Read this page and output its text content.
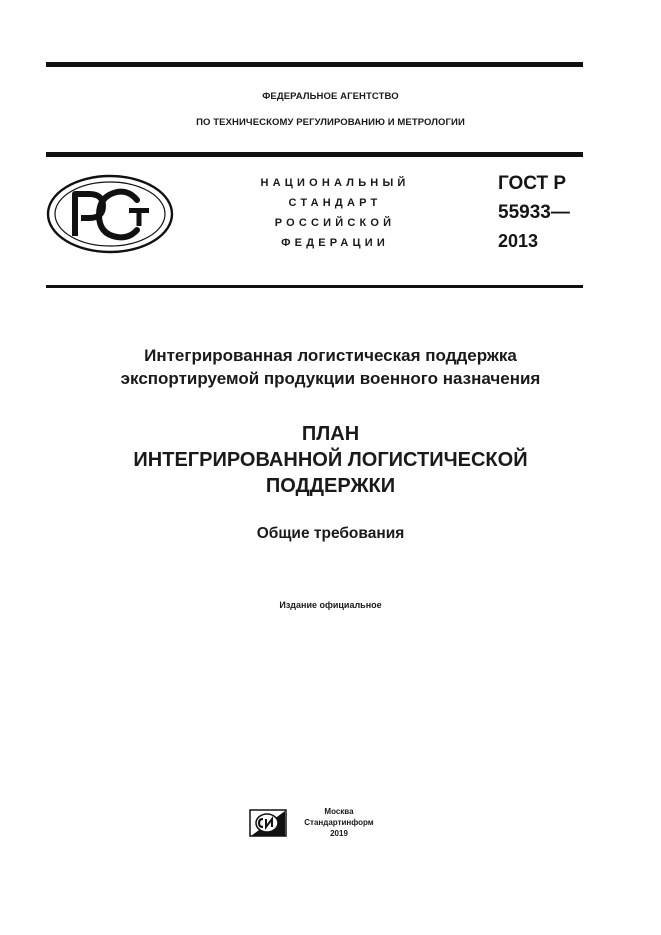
ФЕДЕРАЛЬНОЕ АГЕНТСТВО
ПО ТЕХНИЧЕСКОМУ РЕГУЛИРОВАНИЮ И МЕТРОЛОГИИ
НАЦИОНАЛЬНЫЙ
СТАНДАРТ
РОССИЙСКОЙ
ФЕДЕРАЦИИ
ГОСТ Р
55933—
2013
Интегрированная логистическая поддержка
экспортируемой продукции военного назначения
ПЛАН
ИНТЕГРИРОВАННОЙ ЛОГИСТИЧЕСКОЙ
ПОДДЕРЖКИ
Общие требования
Издание официальное
Москва
Стандартинформ
2019
